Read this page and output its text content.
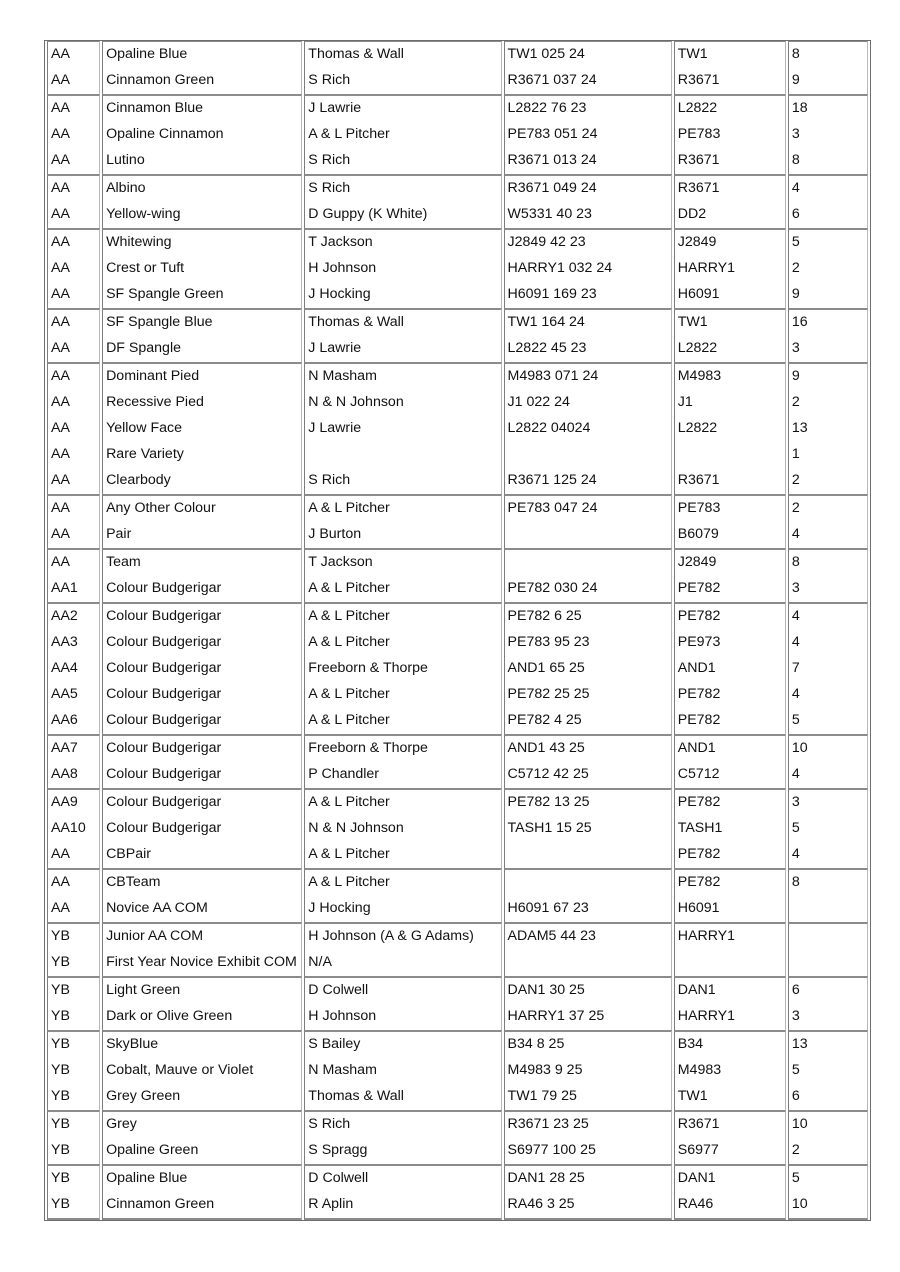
AA	Opaline Blue	Thomas & Wall	TW1 025 24	TW1	8
AA	Cinnamon Green	S Rich	R3671 037 24	R3671	9
AA	Cinnamon Blue	J Lawrie	L2822 76 23	L2822	18
AA	Opaline Cinnamon	A & L Pitcher	PE783 051 24	PE783	3
AA	Lutino	S Rich	R3671 013 24	R3671	8
AA	Albino	S Rich	R3671 049 24	R3671	4
AA	Yellow-wing	D Guppy (K White)	W5331 40 23	DD2	6
AA	Whitewing	T Jackson	J2849 42 23	J2849	5
AA	Crest or Tuft	H Johnson	HARRY1 032 24	HARRY1	2
AA	SF Spangle Green	J Hocking	H6091 169 23	H6091	9
AA	SF Spangle Blue	Thomas & Wall	TW1 164 24	TW1	16
AA	DF Spangle	J Lawrie	L2822 45 23	L2822	3
AA	Dominant Pied	N Masham	M4983 071 24	M4983	9
AA	Recessive Pied	N & N Johnson	J1 022 24	J1	2
AA	Yellow Face	J Lawrie	L2822 04024	L2822	13
AA	Rare Variety				1
AA	Clearbody	S Rich	R3671 125 24	R3671	2
AA	Any Other Colour	A & L Pitcher	PE783 047 24	PE783	2
AA	Pair	J Burton		B6079	4
AA	Team	T Jackson		J2849	8
AA1	Colour Budgerigar	A & L Pitcher	PE782 030 24	PE782	3
AA2	Colour Budgerigar	A & L Pitcher	PE782 6 25	PE782	4
AA3	Colour Budgerigar	A & L Pitcher	PE783 95 23	PE973	4
AA4	Colour Budgerigar	Freeborn & Thorpe	AND1 65 25	AND1	7
AA5	Colour Budgerigar	A & L Pitcher	PE782 25 25	PE782	4
AA6	Colour Budgerigar	A & L Pitcher	PE782 4 25	PE782	5
AA7	Colour Budgerigar	Freeborn & Thorpe	AND1 43 25	AND1	10
AA8	Colour Budgerigar	P Chandler	C5712 42 25	C5712	4
AA9	Colour Budgerigar	A & L Pitcher	PE782 13 25	PE782	3
AA10	Colour Budgerigar	N & N Johnson	TASH1 15 25	TASH1	5
AA	CBPair	A & L Pitcher		PE782	4
AA	CBTeam	A & L Pitcher		PE782	8
AA	Novice AA COM	J Hocking	H6091 67 23	H6091	
YB	Junior AA COM	H Johnson (A & G Adams)	ADAM5 44 23	HARRY1	
YB	First Year Novice Exhibit COM	N/A			
YB	Light Green	D Colwell	DAN1 30 25	DAN1	6
YB	Dark or Olive Green	H Johnson	HARRY1 37 25	HARRY1	3
YB	SkyBlue	S Bailey	B34 8 25	B34	13
YB	Cobalt, Mauve or Violet	N Masham	M4983 9 25	M4983	5
YB	Grey Green	Thomas & Wall	TW1 79 25	TW1	6
YB	Grey	S Rich	R3671 23 25	R3671	10
YB	Opaline Green	S Spragg	S6977 100 25	S6977	2
YB	Opaline Blue	D Colwell	DAN1 28 25	DAN1	5
YB	Cinnamon Green	R Aplin	RA46 3 25	RA46	10
